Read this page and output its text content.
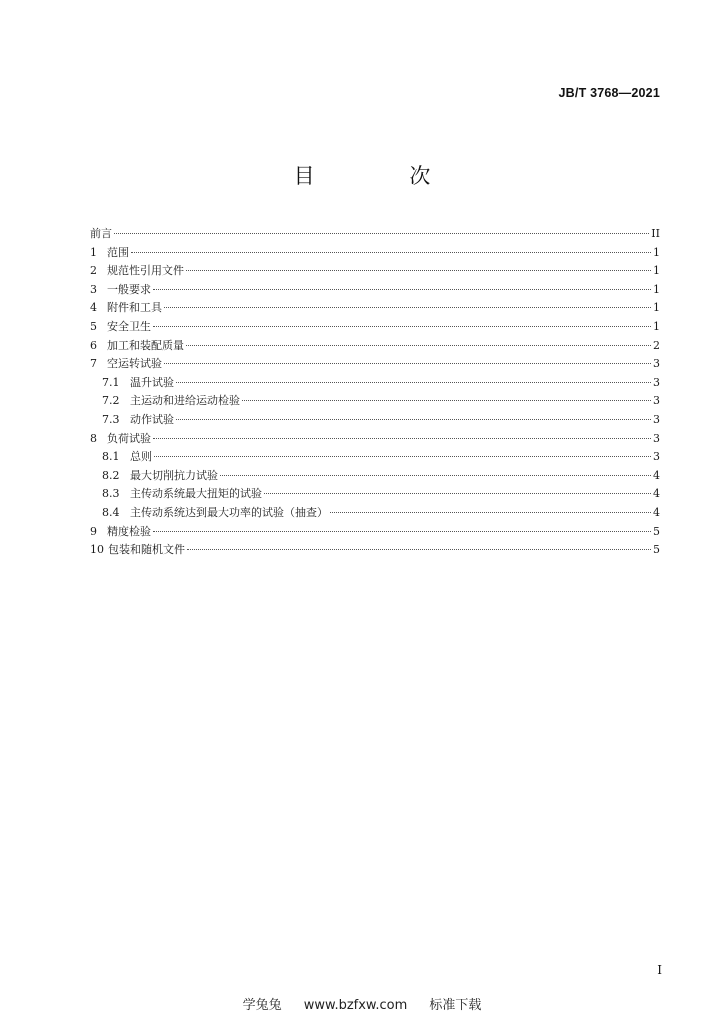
JB/T 3768—2021
目 次
前言	II
1 范围	1
2 规范性引用文件	1
3 一般要求	1
4 附件和工具	1
5 安全卫生	1
6 加工和装配质量	2
7 空运转试验	3
7.1 温升试验	3
7.2 主运动和进给运动检验	3
7.3 动作试验	3
8 负荷试验	3
8.1 总则	3
8.2 最大切削抗力试验	4
8.3 主传动系统最大扭矩的试验	4
8.4 主传动系统达到最大功率的试验（抽查）	4
9 精度检验	5
10 包装和随机文件	5
I
学兔兔 www.bzfxw.com 标准下载
